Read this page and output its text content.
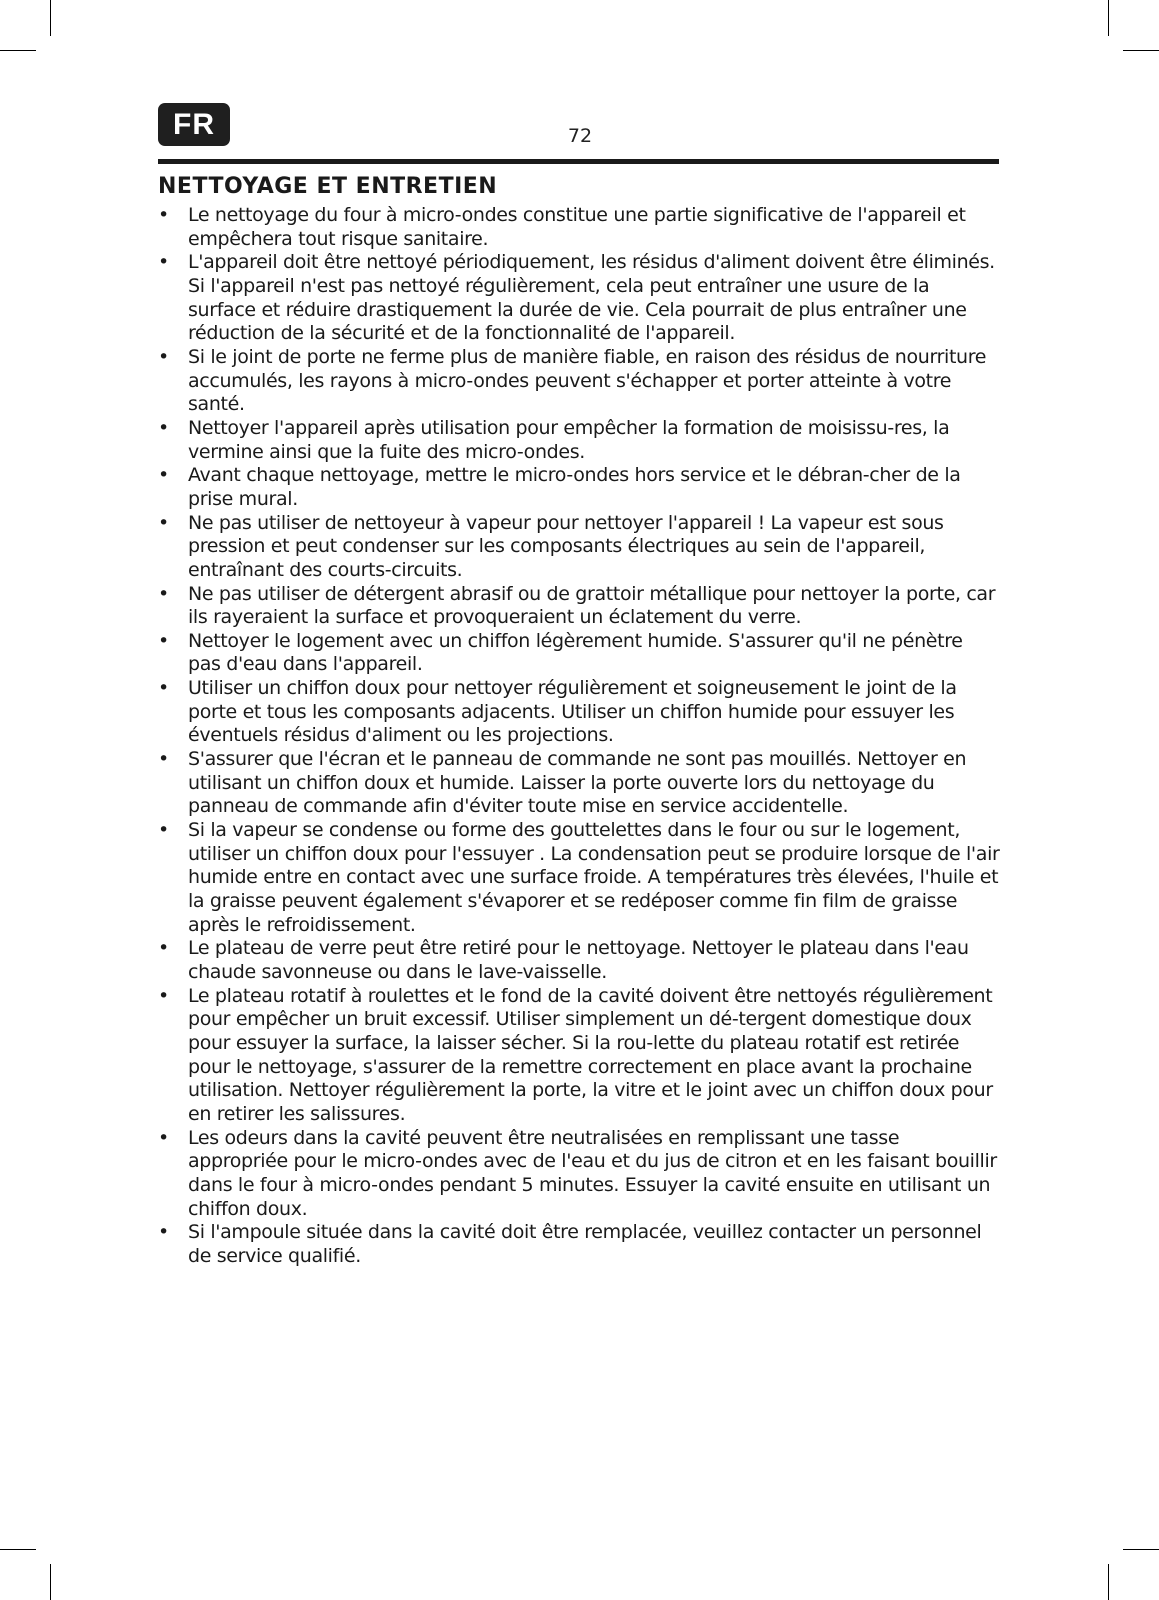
FR	72
NETTOYAGE ET ENTRETIEN
• Le nettoyage du four à micro-ondes constitue une partie significative de l'appareil et empêchera tout risque sanitaire.

• L'appareil doit être nettoyé périodiquement, les résidus d'aliment doivent être éliminés.

Si l'appareil n'est pas nettoyé régulièrement, cela peut entraîner une usure de la surface et réduire drastiquement la durée de vie. Cela pourrait de plus entraîner une réduction de la sécurité et de la fonctionnalité de l'appareil.

• Si le joint de porte ne ferme plus de manière fiable, en raison des résidus de nourriture accumulés, les rayons à micro-ondes peuvent s'échapper et porter atteinte à votre santé.

• Nettoyer l'appareil après utilisation pour empêcher la formation de moisissu-res, la vermine ainsi que la fuite des micro-ondes.

• Avant chaque nettoyage, mettre le micro-ondes hors service et le débran-cher de la prise mural.

• Ne pas utiliser de nettoyeur à vapeur pour nettoyer l'appareil ! La vapeur est sous pression et peut condenser sur les composants électriques au sein de l'appareil, entraînant des courts-circuits.

• Ne pas utiliser de détergent abrasif ou de grattoir métallique pour nettoyer la porte, car ils rayeraient la surface et provoqueraient un éclatement du verre.

• Nettoyer le logement avec un chiffon légèrement humide. S'assurer qu'il ne pénètre pas d'eau dans l'appareil.

• Utiliser un chiffon doux pour nettoyer régulièrement et soigneusement le joint de la porte et tous les composants adjacents. Utiliser un chiffon humide pour essuyer les éventuels résidus d'aliment ou les projections.

• S'assurer que l'écran et le panneau de commande ne sont pas mouillés. Nettoyer en utilisant un chiffon doux et humide. Laisser la porte ouverte lors du nettoyage du panneau de commande afin d'éviter toute mise en service accidentelle.

• Si la vapeur se condense ou forme des gouttelettes dans le four ou sur le logement, utiliser un chiffon doux pour l'essuyer . La condensation peut se produire lorsque de l'air humide entre en contact avec une surface froide. A températures très élevées, l'huile et la graisse peuvent également s'évaporer et se redéposer comme fin film de graisse après le refroidissement.

• Le plateau de verre peut être retiré pour le nettoyage. Nettoyer le plateau dans l'eau chaude savonneuse ou dans le lave-vaisselle.

• Le plateau rotatif à roulettes et le fond de la cavité doivent être nettoyés régulièrement pour empêcher un bruit excessif. Utiliser simplement un dé-tergent domestique doux pour essuyer la surface, la laisser sécher. Si la rou-lette du plateau rotatif est retirée pour le nettoyage, s'assurer de la remettre correctement en place avant la prochaine utilisation. Nettoyer régulièrement la porte, la vitre et le joint avec un chiffon doux pour en retirer les salissures.

• Les odeurs dans la cavité peuvent être neutralisées en remplissant une tasse appropriée pour le micro-ondes avec de l'eau et du jus de citron et en les faisant bouillir dans le four à micro-ondes pendant 5 minutes. Essuyer la cavité ensuite en utilisant un chiffon doux.

• Si l'ampoule située dans la cavité doit être remplacée, veuillez contacter un personnel de service qualifié.
